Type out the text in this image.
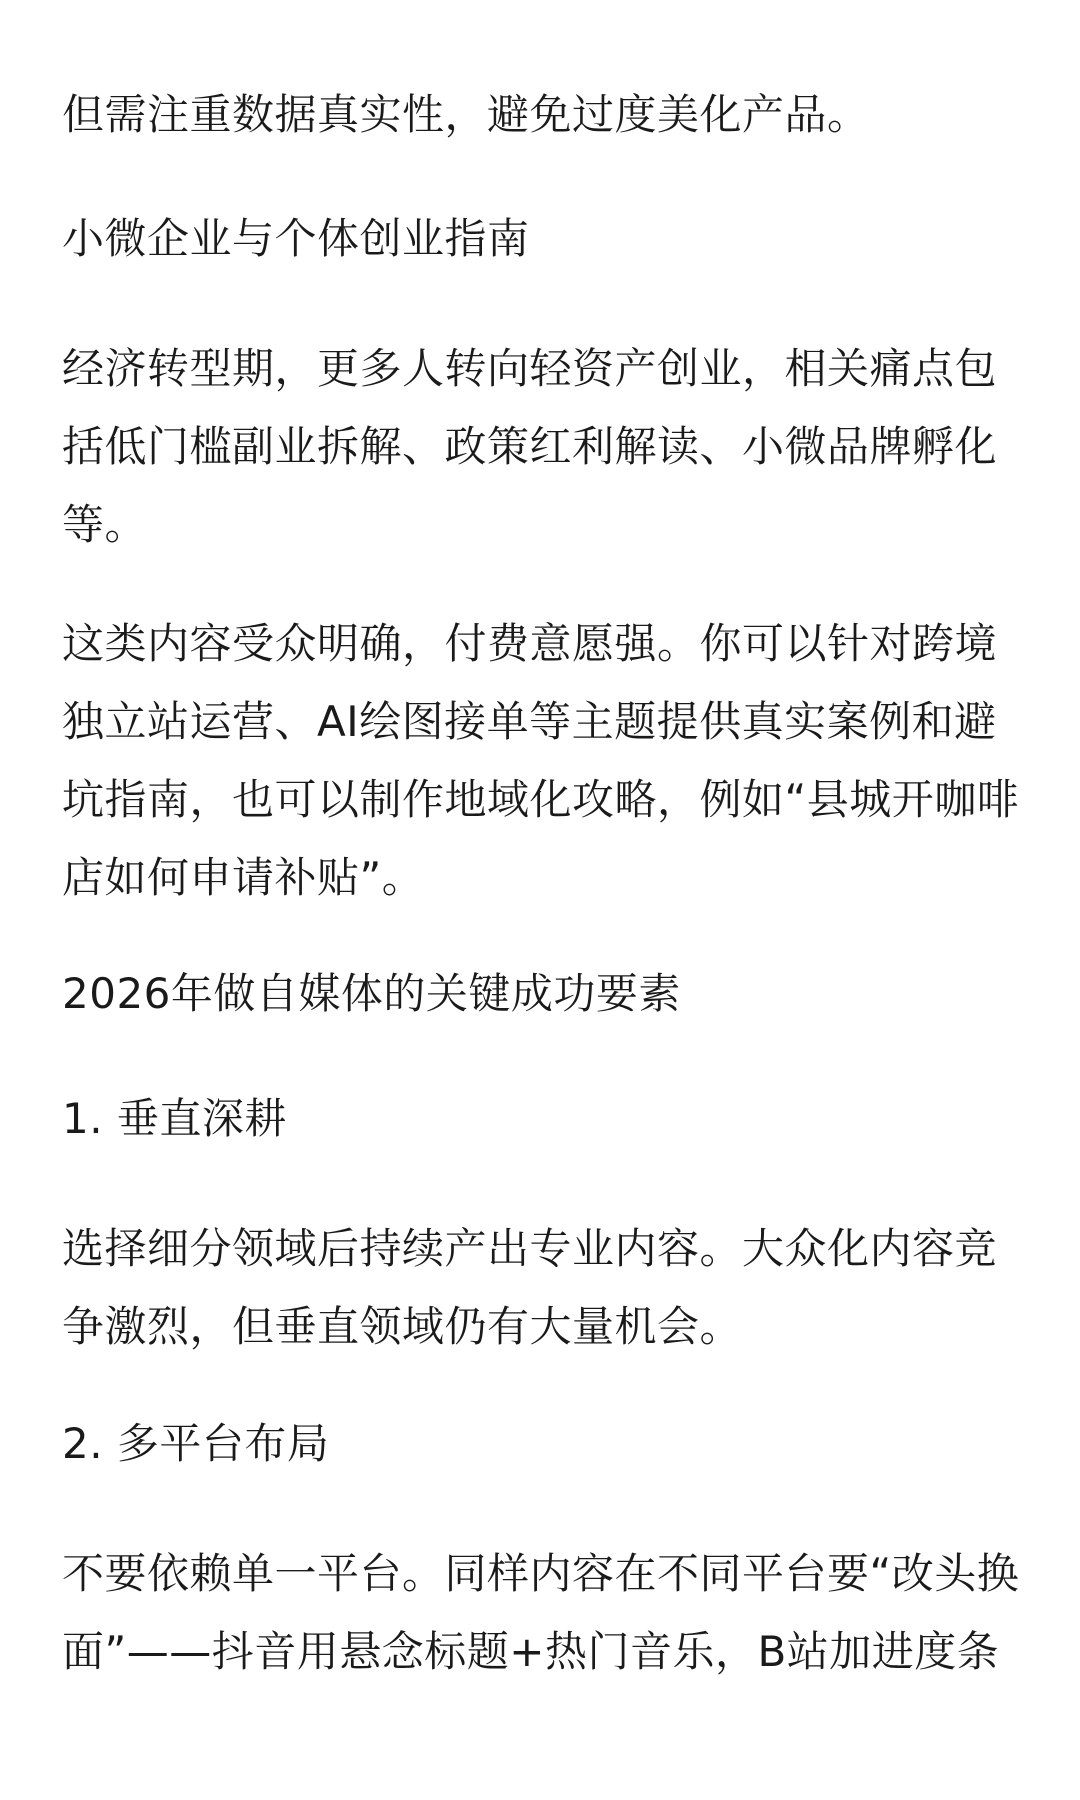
但需注重数据真实性，避免过度美化产品。

小微企业与个体创业指南

经济转型期，更多人转向轻资产创业，相关痛点包括低门槛副业拆解、政策红利解读、小微品牌孵化等。

这类内容受众明确，付费意愿强。你可以针对跨境独立站运营、AI绘图接单等主题提供真实案例和避坑指南，也可以制作地域化攻略，例如“县城开咖啡店如何申请补贴”。

2026年做自媒体的关键成功要素

1. 垂直深耕

选择细分领域后持续产出专业内容。大众化内容竞争激烈，但垂直领域仍有大量机会。

2. 多平台布局

不要依赖单一平台。同样内容在不同平台要“改头换面”——抖音用悬念标题+热门音乐，B站加进度条
